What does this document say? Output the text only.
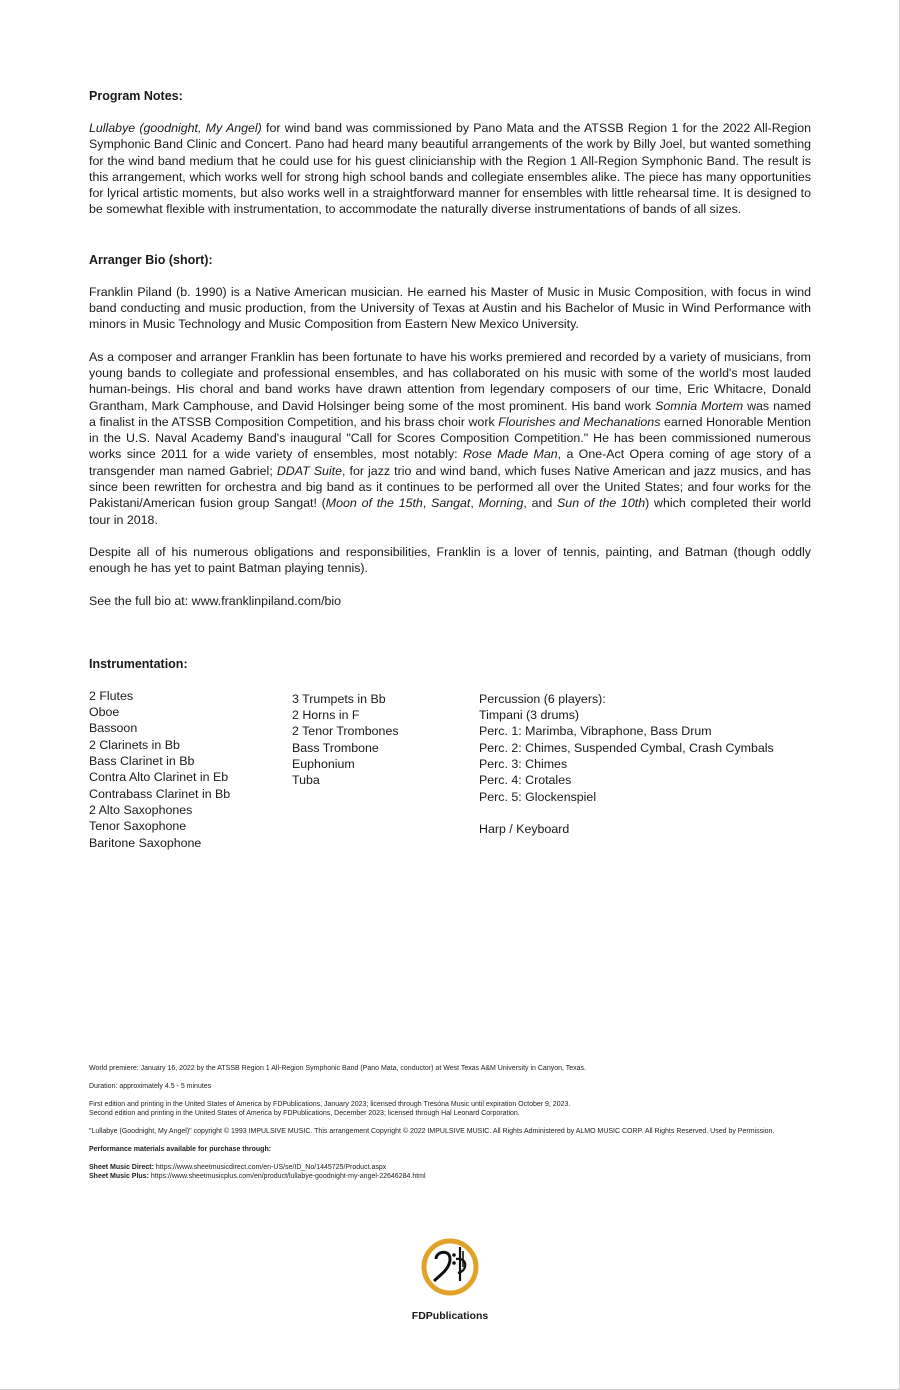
Program Notes:

Lullabye (goodnight, My Angel) for wind band was commissioned by Pano Mata and the ATSSB Region 1 for the 2022 All-Region Symphonic Band Clinic and Concert. Pano had heard many beautiful arrangements of the work by Billy Joel, but wanted something for the wind band medium that he could use for his guest clinicianship with the Region 1 All-Region Symphonic Band. The result is this arrangement, which works well for strong high school bands and collegiate ensembles alike. The piece has many opportunities for lyrical artistic moments, but also works well in a straightforward manner for ensembles with little rehearsal time. It is designed to be somewhat flexible with instrumentation, to accommodate the naturally diverse instrumentations of bands of all sizes.

Arranger Bio (short):

Franklin Piland (b. 1990) is a Native American musician. He earned his Master of Music in Music Composition, with focus in wind band conducting and music production, from the University of Texas at Austin and his Bachelor of Music in Wind Performance with minors in Music Technology and Music Composition from Eastern New Mexico University.

As a composer and arranger Franklin has been fortunate to have his works premiered and recorded by a variety of musicians, from young bands to collegiate and professional ensembles, and has collaborated on his music with some of the world's most lauded human-beings. His choral and band works have drawn attention from legendary composers of our time, Eric Whitacre, Donald Grantham, Mark Camphouse, and David Holsinger being some of the most prominent. His band work Somnia Mortem was named a finalist in the ATSSB Composition Competition, and his brass choir work Flourishes and Mechanations earned Honorable Mention in the U.S. Naval Academy Band's inaugural "Call for Scores Composition Competition." He has been commissioned numerous works since 2011 for a wide variety of ensembles, most notably: Rose Made Man, a One-Act Opera coming of age story of a transgender man named Gabriel; DDAT Suite, for jazz trio and wind band, which fuses Native American and jazz musics, and has since been rewritten for orchestra and big band as it continues to be performed all over the United States; and four works for the Pakistani/American fusion group Sangat! (Moon of the 15th, Sangat, Morning, and Sun of the 10th) which completed their world tour in 2018.

Despite all of his numerous obligations and responsibilities, Franklin is a lover of tennis, painting, and Batman (though oddly enough he has yet to paint Batman playing tennis).

See the full bio at: www.franklinpiland.com/bio

Instrumentation:
2 Flutes
Oboe
Bassoon
2 Clarinets in Bb
Bass Clarinet in Bb
Contra Alto Clarinet in Eb
Contrabass Clarinet in Bb
2 Alto Saxophones
Tenor Saxophone
Baritone Saxophone
3 Trumpets in Bb
2 Horns in F
2 Tenor Trombones
Bass Trombone
Euphonium
Tuba
Percussion (6 players):
Timpani (3 drums)
Perc. 1: Marimba, Vibraphone, Bass Drum
Perc. 2: Chimes, Suspended Cymbal, Crash Cymbals
Perc. 3: Chimes
Perc. 4: Crotales
Perc. 5: Glockenspiel
Harp / Keyboard

World premiere: January 16, 2022 by the ATSSB Region 1 All-Region Symphonic Band (Pano Mata, conductor) at West Texas A&M University in Canyon, Texas.

Duration: approximately 4.5 - 5 minutes

First edition and printing in the United States of America by FDPublications, January 2023; licensed through Tresóna Music until expiration October 9, 2023.

Second edition and printing in the United States of America by FDPublications, December 2023; licensed through Hal Leonard Corporation.

"Lullabye (Goodnight, My Angel)" copyright © 1993 IMPULSIVE MUSIC. This arrangement Copyright © 2022 IMPULSIVE MUSIC. All Rights Administered by ALMO MUSIC CORP. All Rights Reserved. Used by Permission.

Performance materials available for purchase through:

Sheet Music Direct: https://www.sheetmusicdirect.com/en-US/se/ID_No/1445725/Product.aspx

Sheet Music Plus: https://www.sheetmusicplus.com/en/product/lullabye-goodnight-my-angel-22646284.html

FDPublications
